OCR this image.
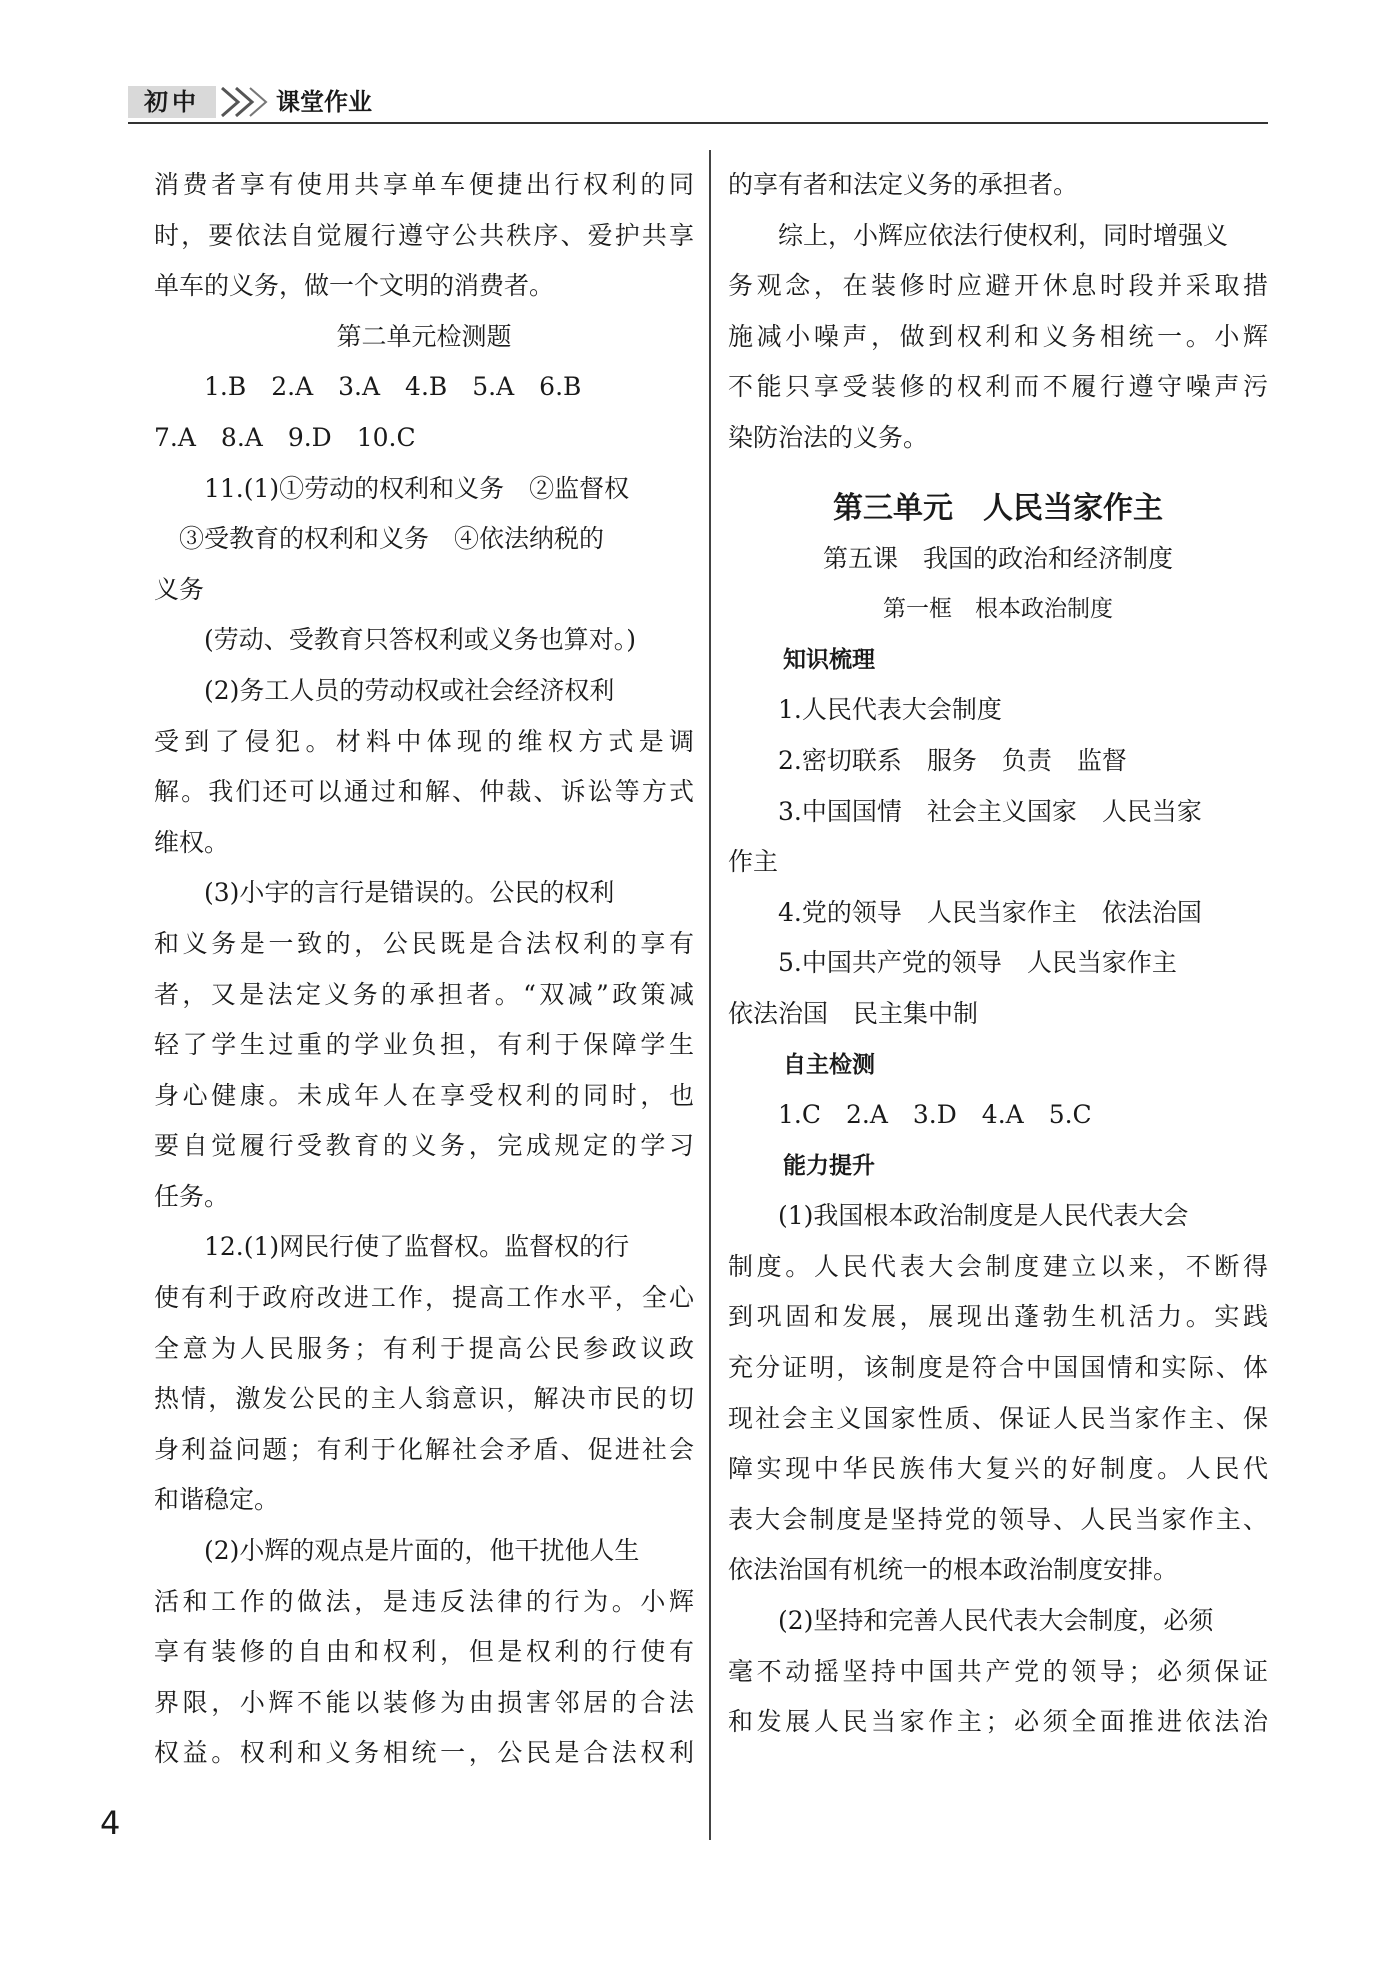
初中	课堂作业
消费者享有使用共享单车便捷出行权利的同
时，要依法自觉履行遵守公共秩序、爱护共享
单车的义务，做一个文明的消费者。
第二单元检测题
1.B　2.A　3.A　4.B　5.A　6.B
7.A　8.A　9.D　10.C
11.(1)①劳动的权利和义务　②监督权
③受教育的权利和义务　④依法纳税的
义务
(劳动、受教育只答权利或义务也算对。)
(2)务工人员的劳动权或社会经济权利
受到了侵犯。材料中体现的维权方式是调
解。我们还可以通过和解、仲裁、诉讼等方式
维权。
(3)小宇的言行是错误的。公民的权利
和义务是一致的，公民既是合法权利的享有
者，又是法定义务的承担者。“双减”政策减
轻了学生过重的学业负担，有利于保障学生
身心健康。未成年人在享受权利的同时，也
要自觉履行受教育的义务，完成规定的学习
任务。
12.(1)网民行使了监督权。监督权的行
使有利于政府改进工作，提高工作水平，全心
全意为人民服务；有利于提高公民参政议政
热情，激发公民的主人翁意识，解决市民的切
身利益问题；有利于化解社会矛盾、促进社会
和谐稳定。
(2)小辉的观点是片面的，他干扰他人生
活和工作的做法，是违反法律的行为。小辉
享有装修的自由和权利，但是权利的行使有
界限，小辉不能以装修为由损害邻居的合法
权益。权利和义务相统一，公民是合法权利
的享有者和法定义务的承担者。
综上，小辉应依法行使权利，同时增强义
务观念，在装修时应避开休息时段并采取措
施减小噪声，做到权利和义务相统一。小辉
不能只享受装修的权利而不履行遵守噪声污
染防治法的义务。
第三单元　人民当家作主
第五课　我国的政治和经济制度
第一框　根本政治制度
知识梳理
1.人民代表大会制度
2.密切联系　服务　负责　监督
3.中国国情　社会主义国家　人民当家
作主
4.党的领导　人民当家作主　依法治国
5.中国共产党的领导　人民当家作主
依法治国　民主集中制
自主检测
1.C　2.A　3.D　4.A　5.C
能力提升
(1)我国根本政治制度是人民代表大会
制度。人民代表大会制度建立以来，不断得
到巩固和发展，展现出蓬勃生机活力。实践
充分证明，该制度是符合中国国情和实际、体
现社会主义国家性质、保证人民当家作主、保
障实现中华民族伟大复兴的好制度。人民代
表大会制度是坚持党的领导、人民当家作主、
依法治国有机统一的根本政治制度安排。
(2)坚持和完善人民代表大会制度，必须
毫不动摇坚持中国共产党的领导；必须保证
和发展人民当家作主；必须全面推进依法治
4
